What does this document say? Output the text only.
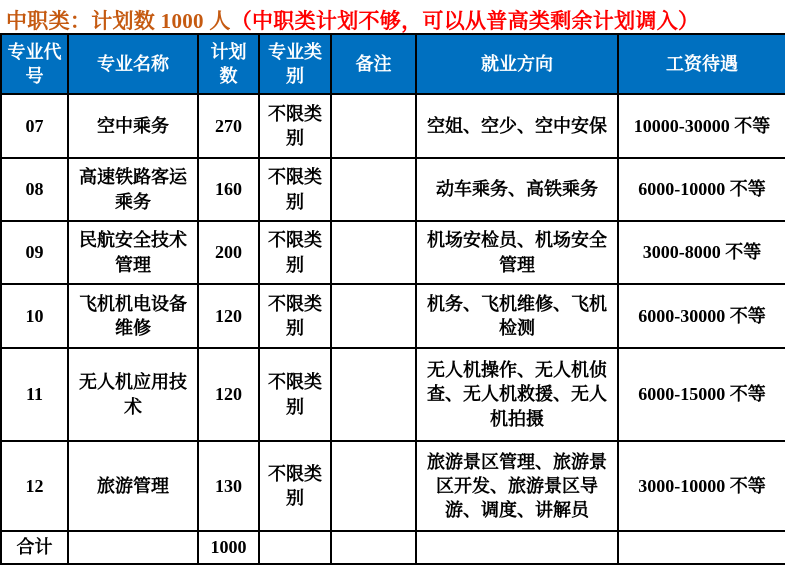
中职类：计划数 1000 人（中职类计划不够，可以从普高类剩余计划调入）
专业代号	专业名称	计划数	专业类别	备注	就业方向	工资待遇
07	空中乘务	270	不限类别		空姐、空少、空中安保	10000-30000 不等
08	高速铁路客运乘务	160	不限类别		动车乘务、高铁乘务	6000-10000 不等
09	民航安全技术管理	200	不限类别		机场安检员、机场安全管理	3000-8000 不等
10	飞机机电设备维修	120	不限类别		机务、飞机维修、飞机检测	6000-30000 不等
11	无人机应用技术	120	不限类别		无人机操作、无人机侦查、无人机救援、无人机拍摄	6000-15000 不等
12	旅游管理	130	不限类别		旅游景区管理、旅游景区开发、旅游景区导游、调度、讲解员	3000-10000 不等
合计		1000				
